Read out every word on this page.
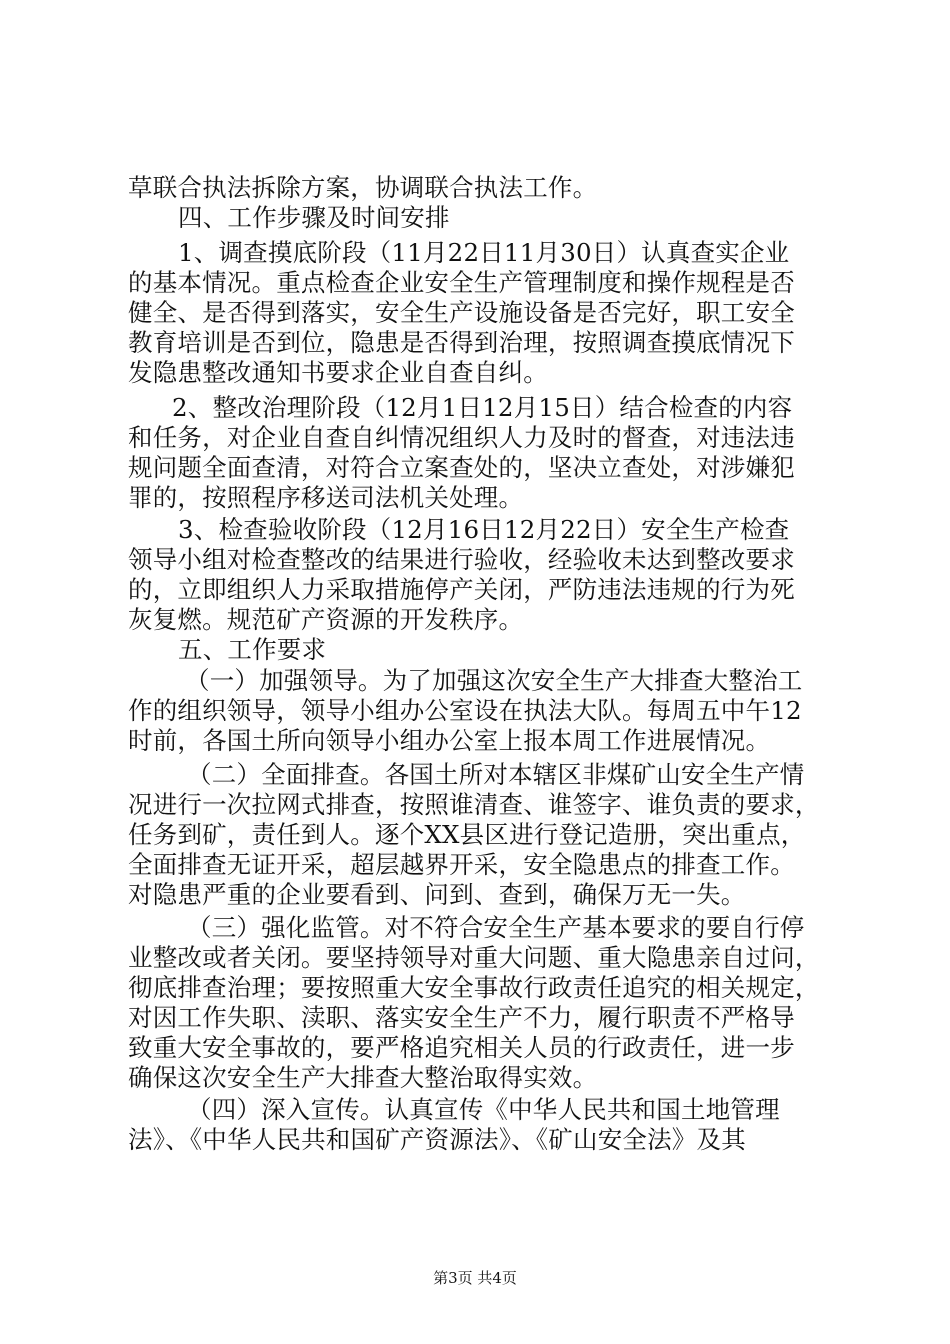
草联合执法拆除方案，协调联合执法工作。
四、工作步骤及时间安排
1、调查摸底阶段（11月22日11月30日）认真查实企业
的基本情况。重点检查企业安全生产管理制度和操作规程是否
健全、是否得到落实，安全生产设施设备是否完好，职工安全
教育培训是否到位，隐患是否得到治理，按照调查摸底情况下
发隐患整改通知书要求企业自查自纠。
2、整改治理阶段（12月1日12月15日）结合检查的内容
和任务，对企业自查自纠情况组织人力及时的督查，对违法违
规问题全面查清，对符合立案查处的，坚决立查处，对涉嫌犯
罪的，按照程序移送司法机关处理。
3、检查验收阶段（12月16日12月22日）安全生产检查
领导小组对检查整改的结果进行验收，经验收未达到整改要求
的，立即组织人力采取措施停产关闭，严防违法违规的行为死
灰复燃。规范矿产资源的开发秩序。
五、工作要求
（一）加强领导。为了加强这次安全生产大排查大整治工
作的组织领导，领导小组办公室设在执法大队。每周五中午12
时前，各国土所向领导小组办公室上报本周工作进展情况。
（二）全面排查。各国土所对本辖区非煤矿山安全生产情
况进行一次拉网式排查，按照谁清查、谁签字、谁负责的要求，
任务到矿，责任到人。逐个XX县区进行登记造册，突出重点，
全面排查无证开采，超层越界开采，安全隐患点的排查工作。
对隐患严重的企业要看到、问到、查到，确保万无一失。
（三）强化监管。对不符合安全生产基本要求的要自行停
业整改或者关闭。要坚持领导对重大问题、重大隐患亲自过问，
彻底排查治理；要按照重大安全事故行政责任追究的相关规定，
对因工作失职、渎职、落实安全生产不力，履行职责不严格导
致重大安全事故的，要严格追究相关人员的行政责任，进一步
确保这次安全生产大排查大整治取得实效。
（四）深入宣传。认真宣传《中华人民共和国土地管理
法》、《中华人民共和国矿产资源法》、《矿山安全法》及其
第3页 共4页
